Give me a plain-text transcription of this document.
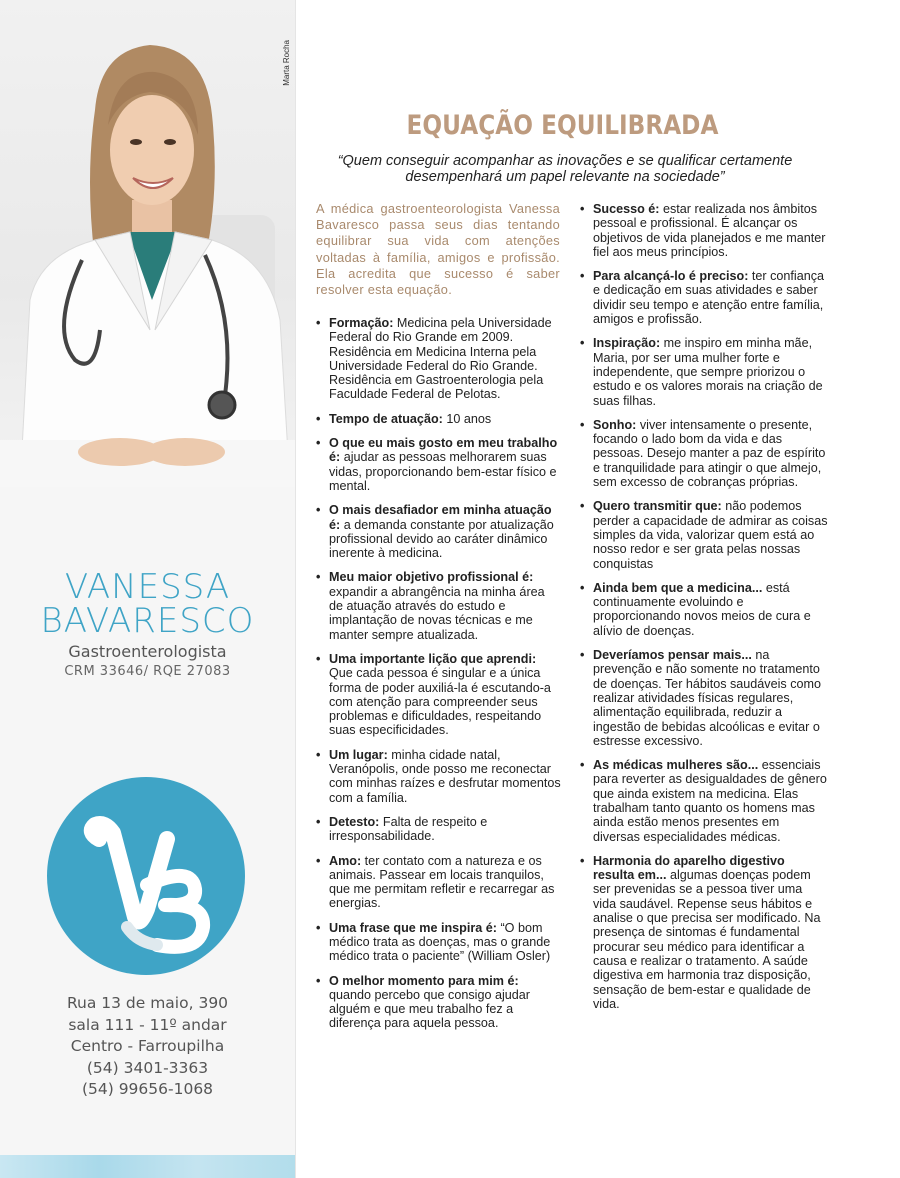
Marta Rocha
VANESSA
BAVARESCO
Gastroenterologista
CRM 33646/ RQE 27083
Rua 13 de maio, 390
sala 111 - 11º andar
Centro - Farroupilha
(54) 3401-3363
(54) 99656-1068
EQUAÇÃO EQUILIBRADA
“Quem conseguir acompanhar as inovações e se qualificar certamente desempenhará um papel relevante na sociedade”
A médica gastroenteorologista Vanessa Bavaresco passa seus dias tentando equilibrar sua vida com atenções voltadas à família, amigos e profissão. Ela acredita que sucesso é saber resolver esta equação.
• Formação: Medicina pela Universidade Federal do Rio Grande em 2009. Residência em Medicina Interna pela Universidade Federal do Rio Grande. Residência em Gastroenterologia pela Faculdade Federal de Pelotas.
• Tempo de atuação: 10 anos
• O que eu mais gosto em meu trabalho é: ajudar as pessoas melhorarem suas vidas, proporcionando bem-estar físico e mental.
• O mais desafiador em minha atuação é: a demanda constante por atualização profissional devido ao caráter dinâmico inerente à medicina.
• Meu maior objetivo profissional é: expandir a abrangência na minha área de atuação através do estudo e implantação de novas técnicas e me manter sempre atualizada.
• Uma importante lição que aprendi: Que cada pessoa é singular e a única forma de poder auxiliá-la é escutando-a com atenção para compreender seus problemas e dificuldades, respeitando suas especificidades.
• Um lugar: minha cidade natal, Veranópolis, onde posso me reconectar com minhas raízes e desfrutar momentos com a família.
• Detesto: Falta de respeito e irresponsabilidade.
• Amo: ter contato com a natureza e os animais. Passear em locais tranquilos, que me permitam refletir e recarregar as energias.
• Uma frase que me inspira é: “O bom médico trata as doenças, mas o grande médico trata o paciente” (William Osler)
• O melhor momento para mim é: quando percebo que consigo ajudar alguém e que meu trabalho fez a diferença para aquela pessoa.
• Sucesso é: estar realizada nos âmbitos pessoal e profissional. É alcançar os objetivos de vida planejados e me manter fiel aos meus princípios.
• Para alcançá-lo é preciso: ter confiança e dedicação em suas atividades e saber dividir seu tempo e atenção entre família, amigos e profissão.
• Inspiração: me inspiro em minha mãe, Maria, por ser uma mulher forte e independente, que sempre priorizou o estudo e os valores morais na criação de suas filhas.
• Sonho: viver intensamente o presente, focando o lado bom da vida e das pessoas. Desejo manter a paz de espírito e tranquilidade para atingir o que almejo, sem excesso de cobranças próprias.
• Quero transmitir que: não podemos perder a capacidade de admirar as coisas simples da vida, valorizar quem está ao nosso redor e ser grata pelas nossas conquistas
• Ainda bem que a medicina... está continuamente evoluindo e proporcionando novos meios de cura e alívio de doenças.
• Deveríamos pensar mais... na prevenção e não somente no tratamento de doenças. Ter hábitos saudáveis como realizar atividades físicas regulares, alimentação equilibrada, reduzir a ingestão de bebidas alcoólicas e evitar o estresse excessivo.
• As médicas mulheres são... essenciais para reverter as desigualdades de gênero que ainda existem na medicina. Elas trabalham tanto quanto os homens mas ainda estão menos presentes em diversas especialidades médicas.
• Harmonia do aparelho digestivo resulta em... algumas doenças podem ser prevenidas se a pessoa tiver uma vida saudável. Repense seus hábitos e analise o que precisa ser modificado. Na presença de sintomas é fundamental procurar seu médico para identificar a causa e realizar o tratamento. A saúde digestiva em harmonia traz disposição, sensação de bem-estar e qualidade de vida.
